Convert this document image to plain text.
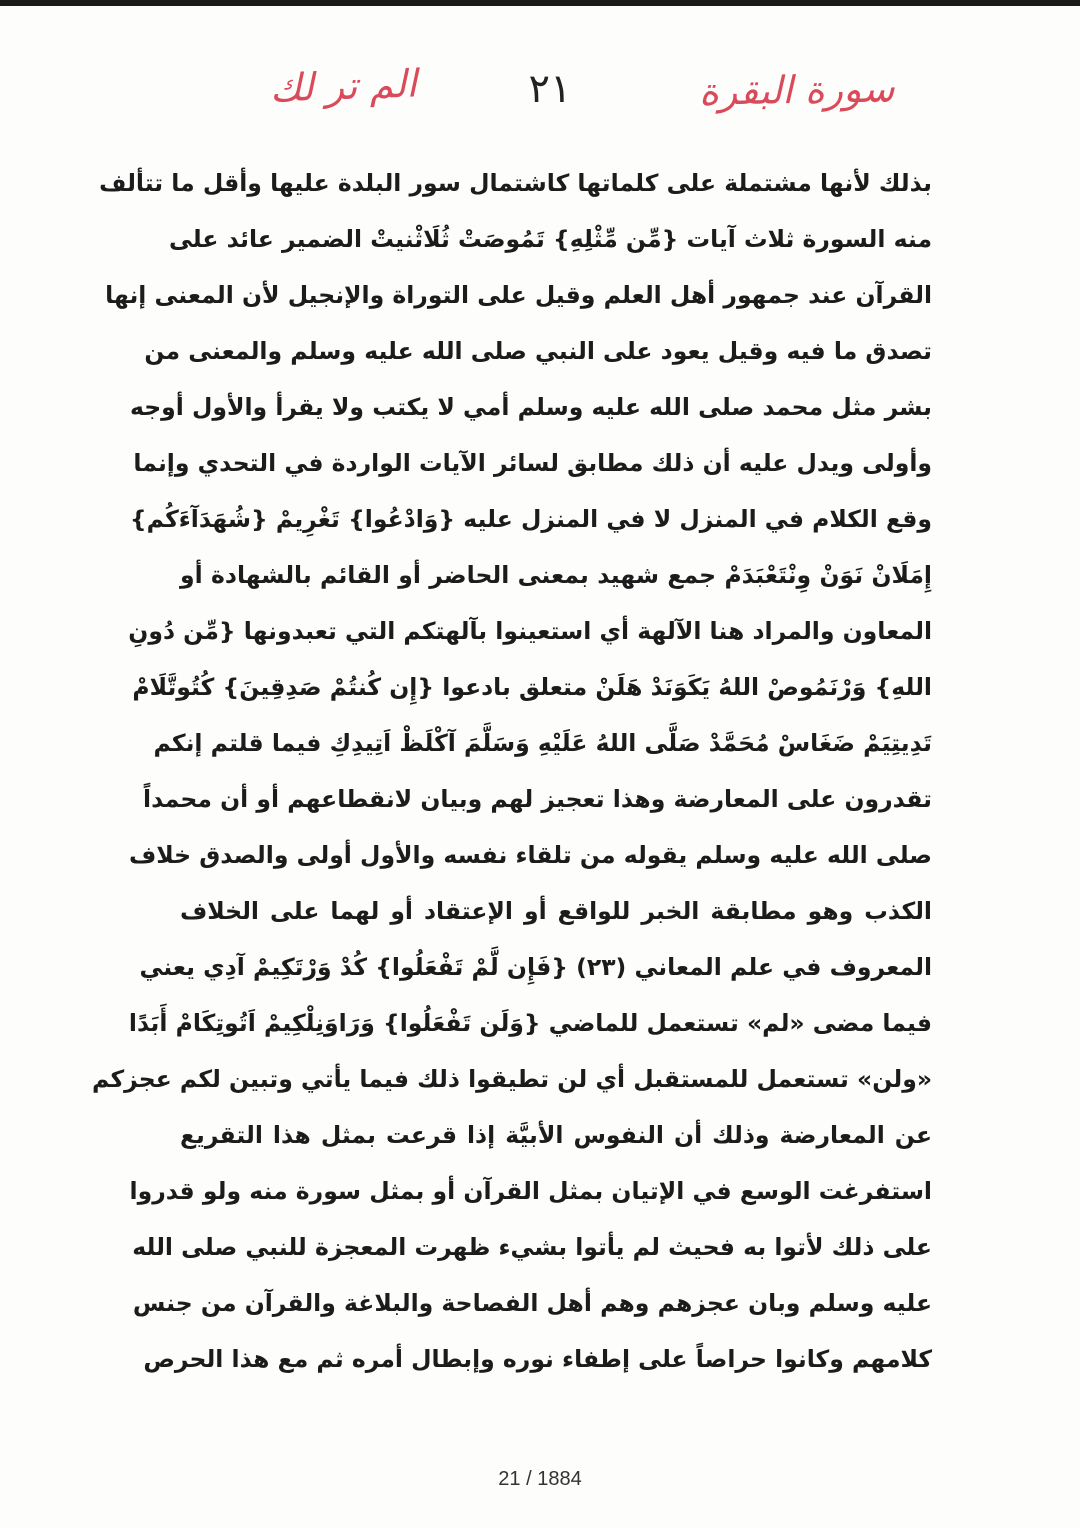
الم تر لك	٢١	سورة البقرة
بذلك لأنها مشتملة على كلماتها كاشتمال سور البلدة عليها وأقل ما تتألف
منه السورة ثلاث آيات {مِّن مِّثْلِهِ} تَمُوصَتْ ثُلَاثْنيتْ الضمير عائد على
القرآن عند جمهور أهل العلم وقيل على التوراة والإنجيل لأن المعنى إنها
تصدق ما فيه وقيل يعود على النبي صلى الله عليه وسلم والمعنى من
بشر مثل محمد صلى الله عليه وسلم أمي لا يكتب ولا يقرأ والأول أوجه
وأولى ويدل عليه أن ذلك مطابق لسائر الآيات الواردة في التحدي وإنما
وقع الكلام في المنزل لا في المنزل عليه {وَادْعُوا} تَغْرِيمْ {شُهَدَآءَكُم}
إِمَلَانْ نَوَنْ وِنْتَعْبَدَمْ جمع شهيد بمعنى الحاضر أو القائم بالشهادة أو
المعاون والمراد هنا الآلهة أي استعينوا بآلهتكم التي تعبدونها {مِّن دُونِ
اللهِ} وَرْنَمُوصْ اللهُ يَكَوَنَدْ هَلَنْ متعلق بادعوا {إِن كُنتُمْ صَدِقِينَ} كُتُوتَّلَامْ
تَدِيتِيَمْ ضَغَاسْ مُحَمَّدْ صَلَّى اللهُ عَلَيْهِ وَسَلَّمَ آكْلَظْ اَتِيدِكِ فيما قلتم إنكم
تقدرون على المعارضة وهذا تعجيز لهم وبيان لانقطاعهم أو أن محمداً
صلى الله عليه وسلم يقوله من تلقاء نفسه والأول أولى والصدق خلاف
الكذب وهو مطابقة الخبر للواقع أو الإعتقاد أو لهما على الخلاف
المعروف في علم المعاني (٢٣) {فَإِن لَّمْ تَفْعَلُوا} كُدْ وَرْتَكِيمْ آدِي يعني
فيما مضى «لم» تستعمل للماضي {وَلَن تَفْعَلُوا} وَرَاوَنِلْكِيمْ اَتُوتِكَامْ أَبَدًا
«ولن» تستعمل للمستقبل أي لن تطيقوا ذلك فيما يأتي وتبين لكم عجزكم
عن المعارضة وذلك أن النفوس الأبيَّة إذا قرعت بمثل هذا التقريع
استفرغت الوسع في الإتيان بمثل القرآن أو بمثل سورة منه ولو قدروا
على ذلك لأتوا به فحيث لم يأتوا بشيء ظهرت المعجزة للنبي صلى الله
عليه وسلم وبان عجزهم وهم أهل الفصاحة والبلاغة والقرآن من جنس
كلامهم وكانوا حراصاً على إطفاء نوره وإبطال أمره ثم مع هذا الحرص
21 / 1884
